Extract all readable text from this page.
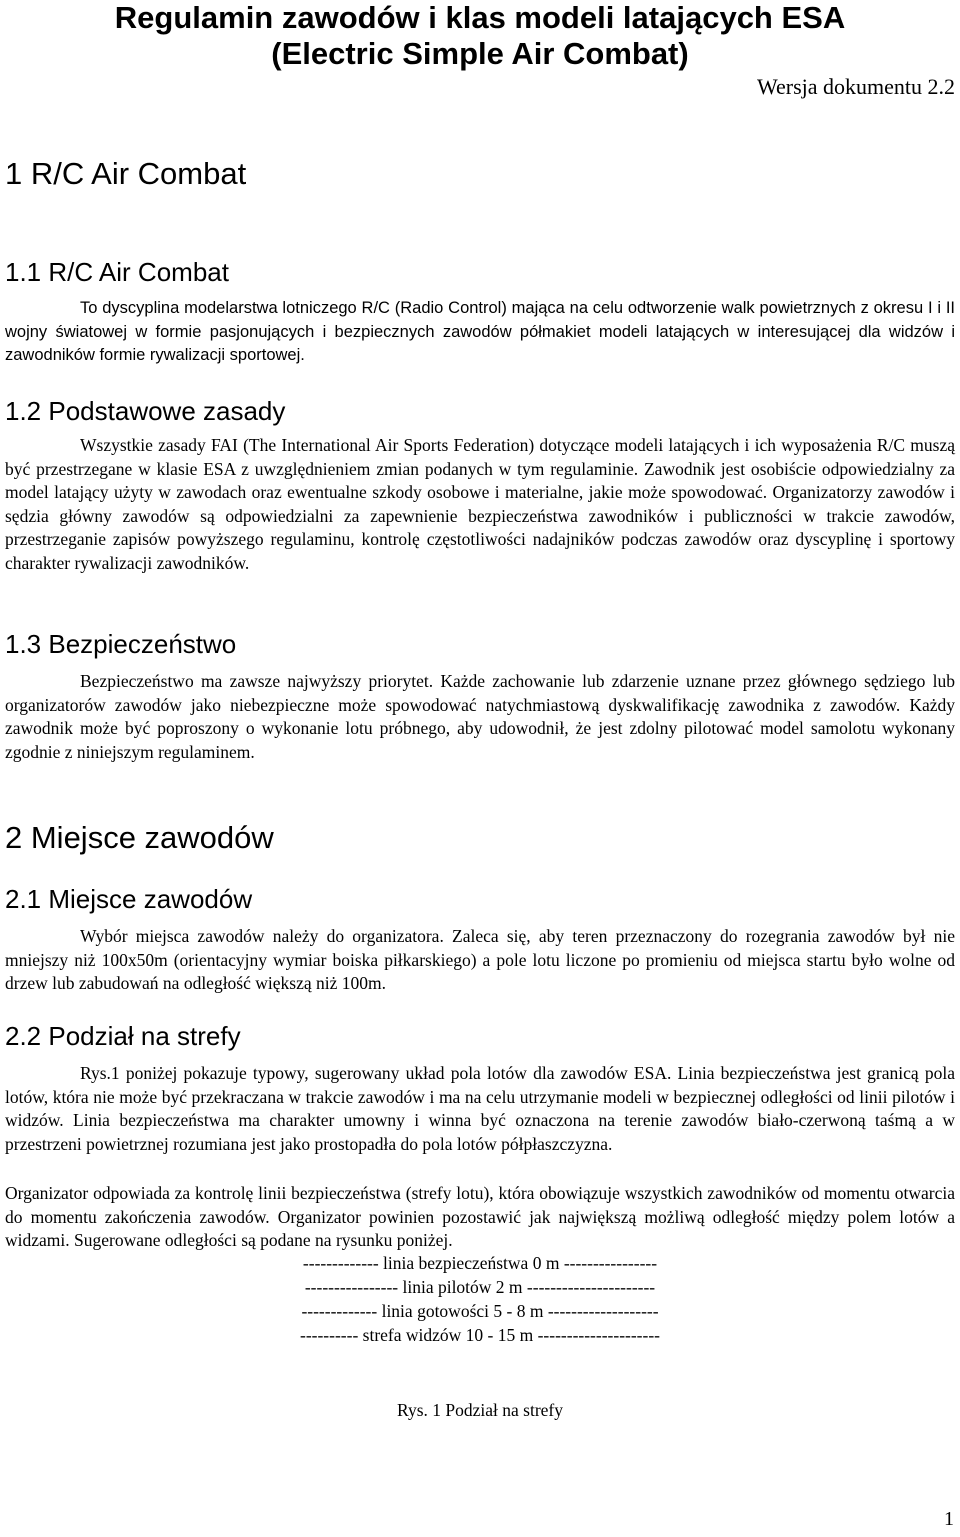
Regulamin zawodów i klas modeli latających ESA
(Electric Simple Air Combat)
Wersja dokumentu 2.2
1 R/C Air Combat
1.1 R/C Air Combat

To dyscyplina modelarstwa lotniczego R/C (Radio Control) mająca na celu odtworzenie walk powietrznych z okresu I i II wojny światowej w formie pasjonujących i bezpiecznych zawodów półmakiet modeli latających w interesującej dla widzów i zawodników formie rywalizacji sportowej.

1.2 Podstawowe zasady

Wszystkie zasady FAI (The International Air Sports Federation) dotyczące modeli latających i ich wyposażenia R/C muszą być przestrzegane w klasie ESA z uwzględnieniem zmian podanych w tym regulaminie. Zawodnik jest osobiście odpowiedzialny za model latający użyty w zawodach oraz ewentualne szkody osobowe i materialne, jakie może spowodować. Organizatorzy zawodów i sędzia główny zawodów są odpowiedzialni za zapewnienie bezpieczeństwa zawodników i publiczności w trakcie zawodów, przestrzeganie zapisów powyższego regulaminu, kontrolę częstotliwości nadajników podczas zawodów oraz dyscyplinę i sportowy charakter rywalizacji zawodników.

1.3 Bezpieczeństwo

Bezpieczeństwo ma zawsze najwyższy priorytet. Każde zachowanie lub zdarzenie uznane przez głównego sędziego lub organizatorów zawodów jako niebezpieczne może spowodować natychmiastową dyskwalifikację zawodnika z zawodów. Każdy zawodnik może być poproszony o wykonanie lotu próbnego, aby udowodnił, że jest zdolny pilotować model samolotu wykonany zgodnie z niniejszym regulaminem.

2 Miejsce zawodów
2.1 Miejsce zawodów

Wybór miejsca zawodów należy do organizatora. Zaleca się, aby teren przeznaczony do rozegrania zawodów był nie mniejszy niż 100x50m (orientacyjny wymiar boiska piłkarskiego) a pole lotu liczone po promieniu od miejsca startu było wolne od drzew lub zabudowań na odległość większą niż 100m.

2.2 Podział na strefy

Rys.1 poniżej pokazuje typowy, sugerowany układ pola lotów dla zawodów ESA. Linia bezpieczeństwa jest granicą pola lotów, która nie może być przekraczana w trakcie zawodów i ma na celu utrzymanie modeli w bezpiecznej odległości od linii pilotów i widzów. Linia bezpieczeństwa ma charakter umowny i winna być oznaczona na terenie zawodów biało-czerwoną taśmą a w przestrzeni powietrznej rozumiana jest jako prostopadła do pola lotów półpłaszczyzna.

Organizator odpowiada za kontrolę linii bezpieczeństwa (strefy lotu), która obowiązuje wszystkich zawodników od momentu otwarcia do momentu zakończenia zawodów. Organizator powinien pozostawić jak największą możliwą odległość między polem lotów a widzami. Sugerowane odległości są podane na rysunku poniżej.

------------- linia bezpieczeństwa 0 m ----------------
---------------- linia pilotów 2 m ----------------------
------------- linia gotowości 5 - 8 m -------------------
---------- strefa widzów 10 - 15 m ---------------------
Rys. 1 Podział na strefy
1
